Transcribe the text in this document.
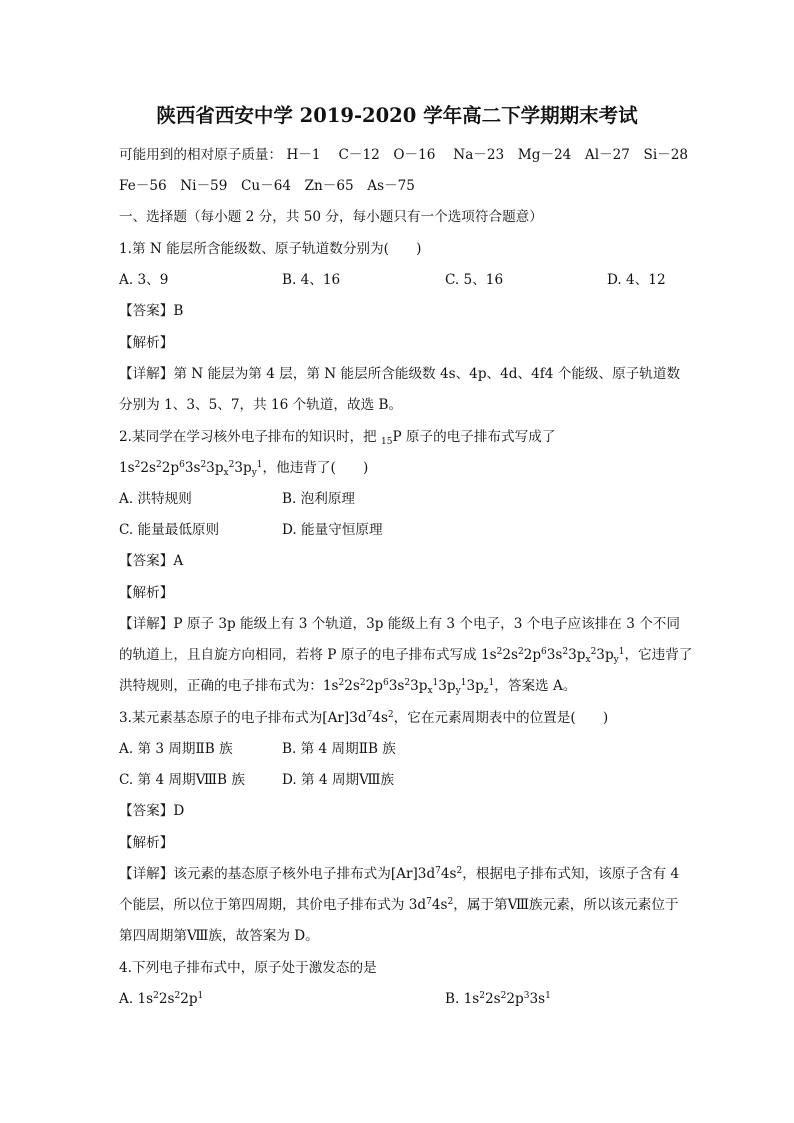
陕西省西安中学 2019-2020 学年高二下学期期末考试
可能用到的相对原子质量： H－1　 C－12　O－16　 Na－23　Mg－24　Al－27　Si－28
Fe－56　Ni－59　Cu－64　Zn－65　As－75
一、选择题（每小题 2 分，共 50 分，每小题只有一个选项符合题意）
1.第 N 能层所含能级数、原子轨道数分别为(　　)
A. 3、9	B. 4、16	C. 5、16	D. 4、12
【答案】B
【解析】
【详解】第 N 能层为第 4 层，第 N 能层所含能级数 4s、4p、4d、4f4 个能级、原子轨道数
分别为 1、3、5、7，共 16 个轨道，故选 B。
2.某同学在学习核外电子排布的知识时，把 $_{15}$P 原子的电子排布式写成了
$1s^22s^22p^63s^23p_x^23p_y^1$，他违背了(　　)
A. 洪特规则	B. 泡利原理
C. 能量最低原则	D. 能量守恒原理
【答案】A
【解析】
【详解】P 原子 3p 能级上有 3 个轨道，3p 能级上有 3 个电子，3 个电子应该排在 3 个不同
的轨道上，且自旋方向相同，若将 P 原子的电子排布式写成 $1s^22s^22p^63s^23p_x^23p_y^1$，它违背了
洪特规则，正确的电子排布式为：$1s^22s^22p^63s^23p_x^13p_y^13p_z^1$，答案选 A。
3.某元素基态原子的电子排布式为$[Ar]3d^74s^2$，它在元素周期表中的位置是(　　)
A. 第 3 周期ⅡB 族	B. 第 4 周期ⅡB 族
C. 第 4 周期ⅧB 族	D. 第 4 周期Ⅷ族
【答案】D
【解析】
【详解】该元素的基态原子核外电子排布式为$[Ar]3d^74s^2$，根据电子排布式知，该原子含有 4
个能层，所以位于第四周期，其价电子排布式为 $3d^74s^2$，属于第Ⅷ族元素，所以该元素位于
第四周期第Ⅷ族，故答案为 D。
4.下列电子排布式中，原子处于激发态的是
A. $1s^22s^22p^1$	B. $1s^22s^22p^33s^1$
